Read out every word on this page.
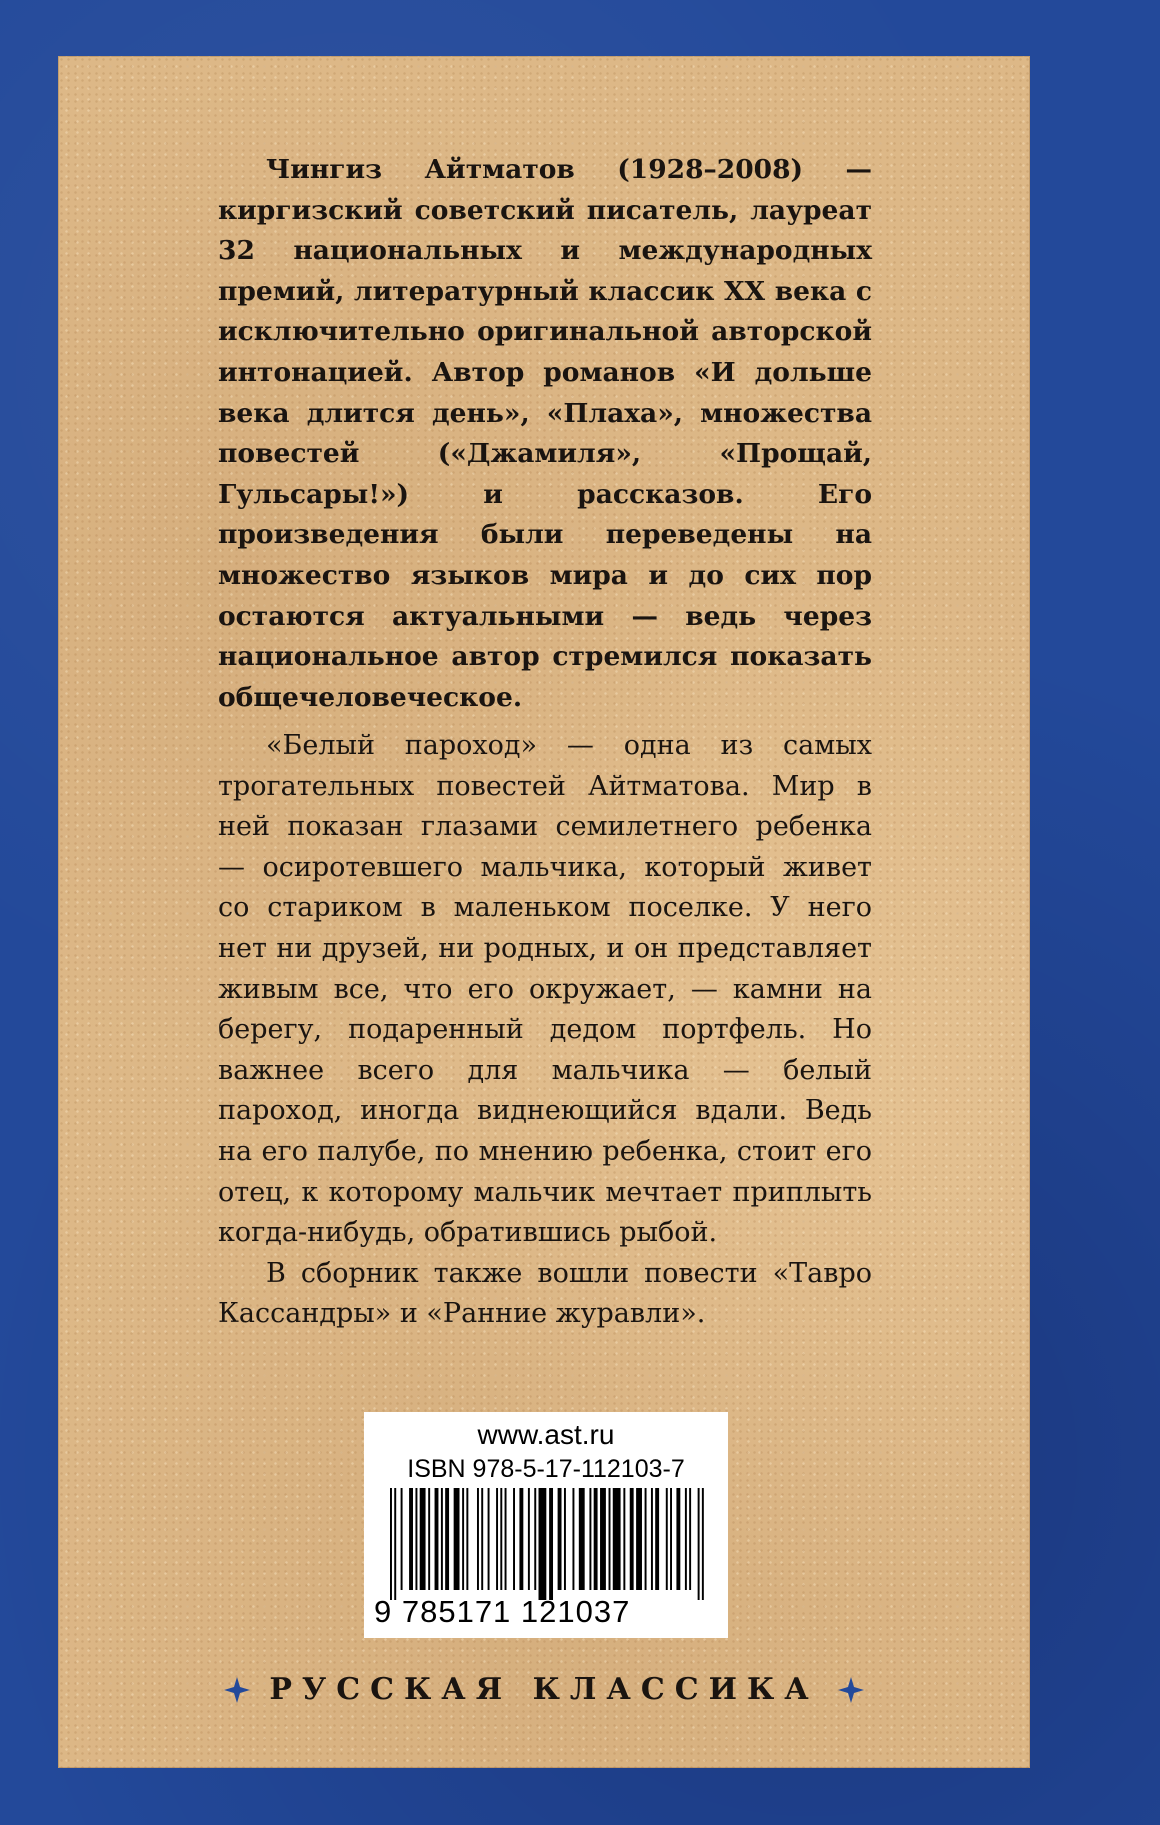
Чингиз Айтматов (1928–2008) — киргизский советский писатель, лауреат 32 национальных и международных премий, литературный классик XX века с исключительно оригинальной авторской интонацией. Автор романов «И дольше века длится день», «Плаха», множества повестей («Джамиля», «Прощай, Гульсары!») и рассказов. Его произведения были переведены на множество языков мира и до сих пор остаются актуальными — ведь через национальное автор стремился показать общечеловеческое.

«Белый пароход» — одна из самых трогательных повестей Айтматова. Мир в ней показан глазами семилетнего ребенка — осиротевшего мальчика, который живет со стариком в маленьком поселке. У него нет ни друзей, ни родных, и он представляет живым все, что его окружает, — камни на берегу, подаренный дедом портфель. Но важнее всего для мальчика — белый пароход, иногда виднеющийся вдали. Ведь на его палубе, по мнению ребенка, стоит его отец, к которому мальчик мечтает приплыть когда-нибудь, обратившись рыбой.

В сборник также вошли повести «Тавро Кассандры» и «Ранние журавли».

www.ast.ru
ISBN 978-5-17-112103-7
9 785171 121037
РУССКАЯ КЛАССИКА
